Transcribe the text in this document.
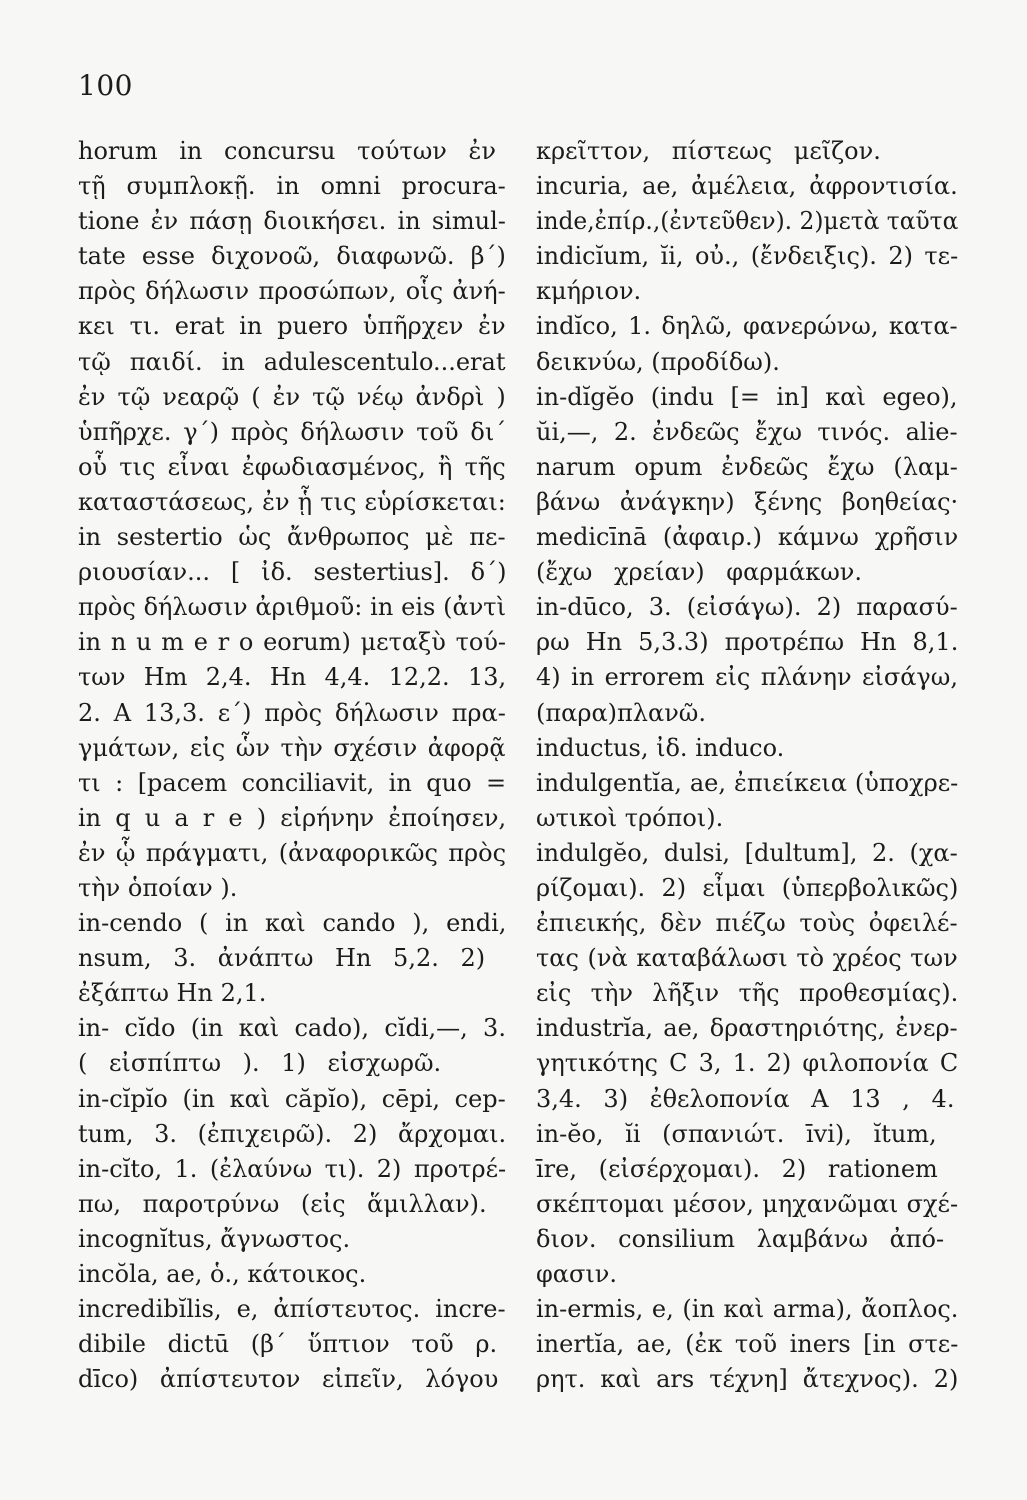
100
horum in concursu τούτων ἐν
τῇ συμπλοκῇ. in omni procura-
tione ἐν πάσῃ διοικήσει. in simul-
tate esse διχονοῶ, διαφωνῶ. β΄)
πρὸς δήλωσιν προσώπων, οἷς ἀνή-
κει τι. erat in puero ὑπῆρχεν ἐν
τῷ παιδί. in adulescentulo...erat
ἐν τῷ νεαρῷ ( ἐν τῷ νέῳ ἀνδρὶ )
ὑπῆρχε. γ΄) πρὸς δήλωσιν τοῦ δι΄
οὗ τις εἶναι ἐφωδιασμένος, ἢ τῆς
καταστάσεως, ἐν ᾗ τις εὑρίσκεται:
in sestertio ὡς ἄνθρωπος μὲ πε-
ριουσίαν... [ ἰδ. sestertius]. δ΄)
πρὸς δήλωσιν ἀριθμοῦ: in eis (ἀντὶ
in n u m e r o eorum) μεταξὺ τού-
των Hm 2,4. Hn 4,4. 12,2. 13,
2. A 13,3. ε΄) πρὸς δήλωσιν πρα-
γμάτων, εἰς ὧν τὴν σχέσιν ἀφορᾷ
τι : [pacem conciliavit, in quo =
in q u a r e ) εἰρήνην ἐποίησεν,
ἐν ᾧ πράγματι, (ἀναφορικῶς πρὸς
τὴν ὁποίαν ).
in-cendo ( in καὶ cando ), endi,
nsum, 3. ἀνάπτω Hn 5,2. 2)
ἐξάπτω Hn 2,1.
in- cĭdo (in καὶ cado), cĭdi,—, 3.
( εἰσπίπτω ). 1) εἰσχωρῶ.
in-cĭpĭo (in καὶ căpĭo), cēpi, cep-
tum, 3. (ἐπιχειρῶ). 2) ἄρχομαι.
in-cĭto, 1. (ἐλαύνω τι). 2) προτρέ-
πω, παροτρύνω (εἰς ἅμιλλαν).
incognĭtus, ἄγνωστος.
incŏla, ae, ὁ., κάτοικος.
incredibĭlis, e, ἀπίστευτος. incre-
dibile dictū (β΄ ὕπτιον τοῦ ρ.
dīco) ἀπίστευτον εἰπεῖν, λόγου
κρεῖττον, πίστεως μεῖζον.
incuria, ae, ἀμέλεια, ἀφροντισία.
inde,ἐπίρ.,(ἐντεῦθεν). 2)μετὰ ταῦτα
indicĭum, ĭi, οὐ., (ἔνδειξις). 2) τε-
κμήριον.
indĭco, 1. δηλῶ, φανερώνω, κατα-
δεικνύω, (προδίδω).
in-dĭgĕo (indu [= in] καὶ egeo),
ŭi,—, 2. ἐνδεῶς ἔχω τινός. alie-
narum opum ἐνδεῶς ἔχω (λαμ-
βάνω ἀνάγκην) ξένης βοηθείας·
medicīnā (ἀφαιρ.) κάμνω χρῆσιν
(ἔχω χρείαν) φαρμάκων.
in-dūco, 3. (εἰσάγω). 2) παρασύ-
ρω Hn 5,3.3) προτρέπω Hn 8,1.
4) in errorem εἰς πλάνην εἰσάγω,
(παρα)πλανῶ.
inductus, ἰδ. induco.
indulgentĭa, ae, ἐπιείκεια (ὑποχρε-
ωτικοὶ τρόποι).
indulgĕo, dulsi, [dultum], 2. (χα-
ρίζομαι). 2) εἶμαι (ὑπερβολικῶς)
ἐπιεικής, δὲν πιέζω τοὺς ὀφειλέ-
τας (νὰ καταβάλωσι τὸ χρέος των
εἰς τὴν λῆξιν τῆς προθεσμίας).
industrĭa, ae, δραστηριότης, ἐνερ-
γητικότης C 3, 1. 2) φιλοπονία C
3,4. 3) ἐθελοπονία A 13 , 4.
in-ĕo, ĭi (σπανιώτ. īvi), ĭtum,
īre, (εἰσέρχομαι). 2) rationem
σκέπτομαι μέσον, μηχανῶμαι σχέ-
διον. consilium λαμβάνω ἀπό-
φασιν.
in-ermis, e, (in καὶ arma), ἄοπλος.
inertĭa, ae, (ἐκ τοῦ iners [in στε-
ρητ. καὶ ars τέχνη] ἄτεχνος). 2)
